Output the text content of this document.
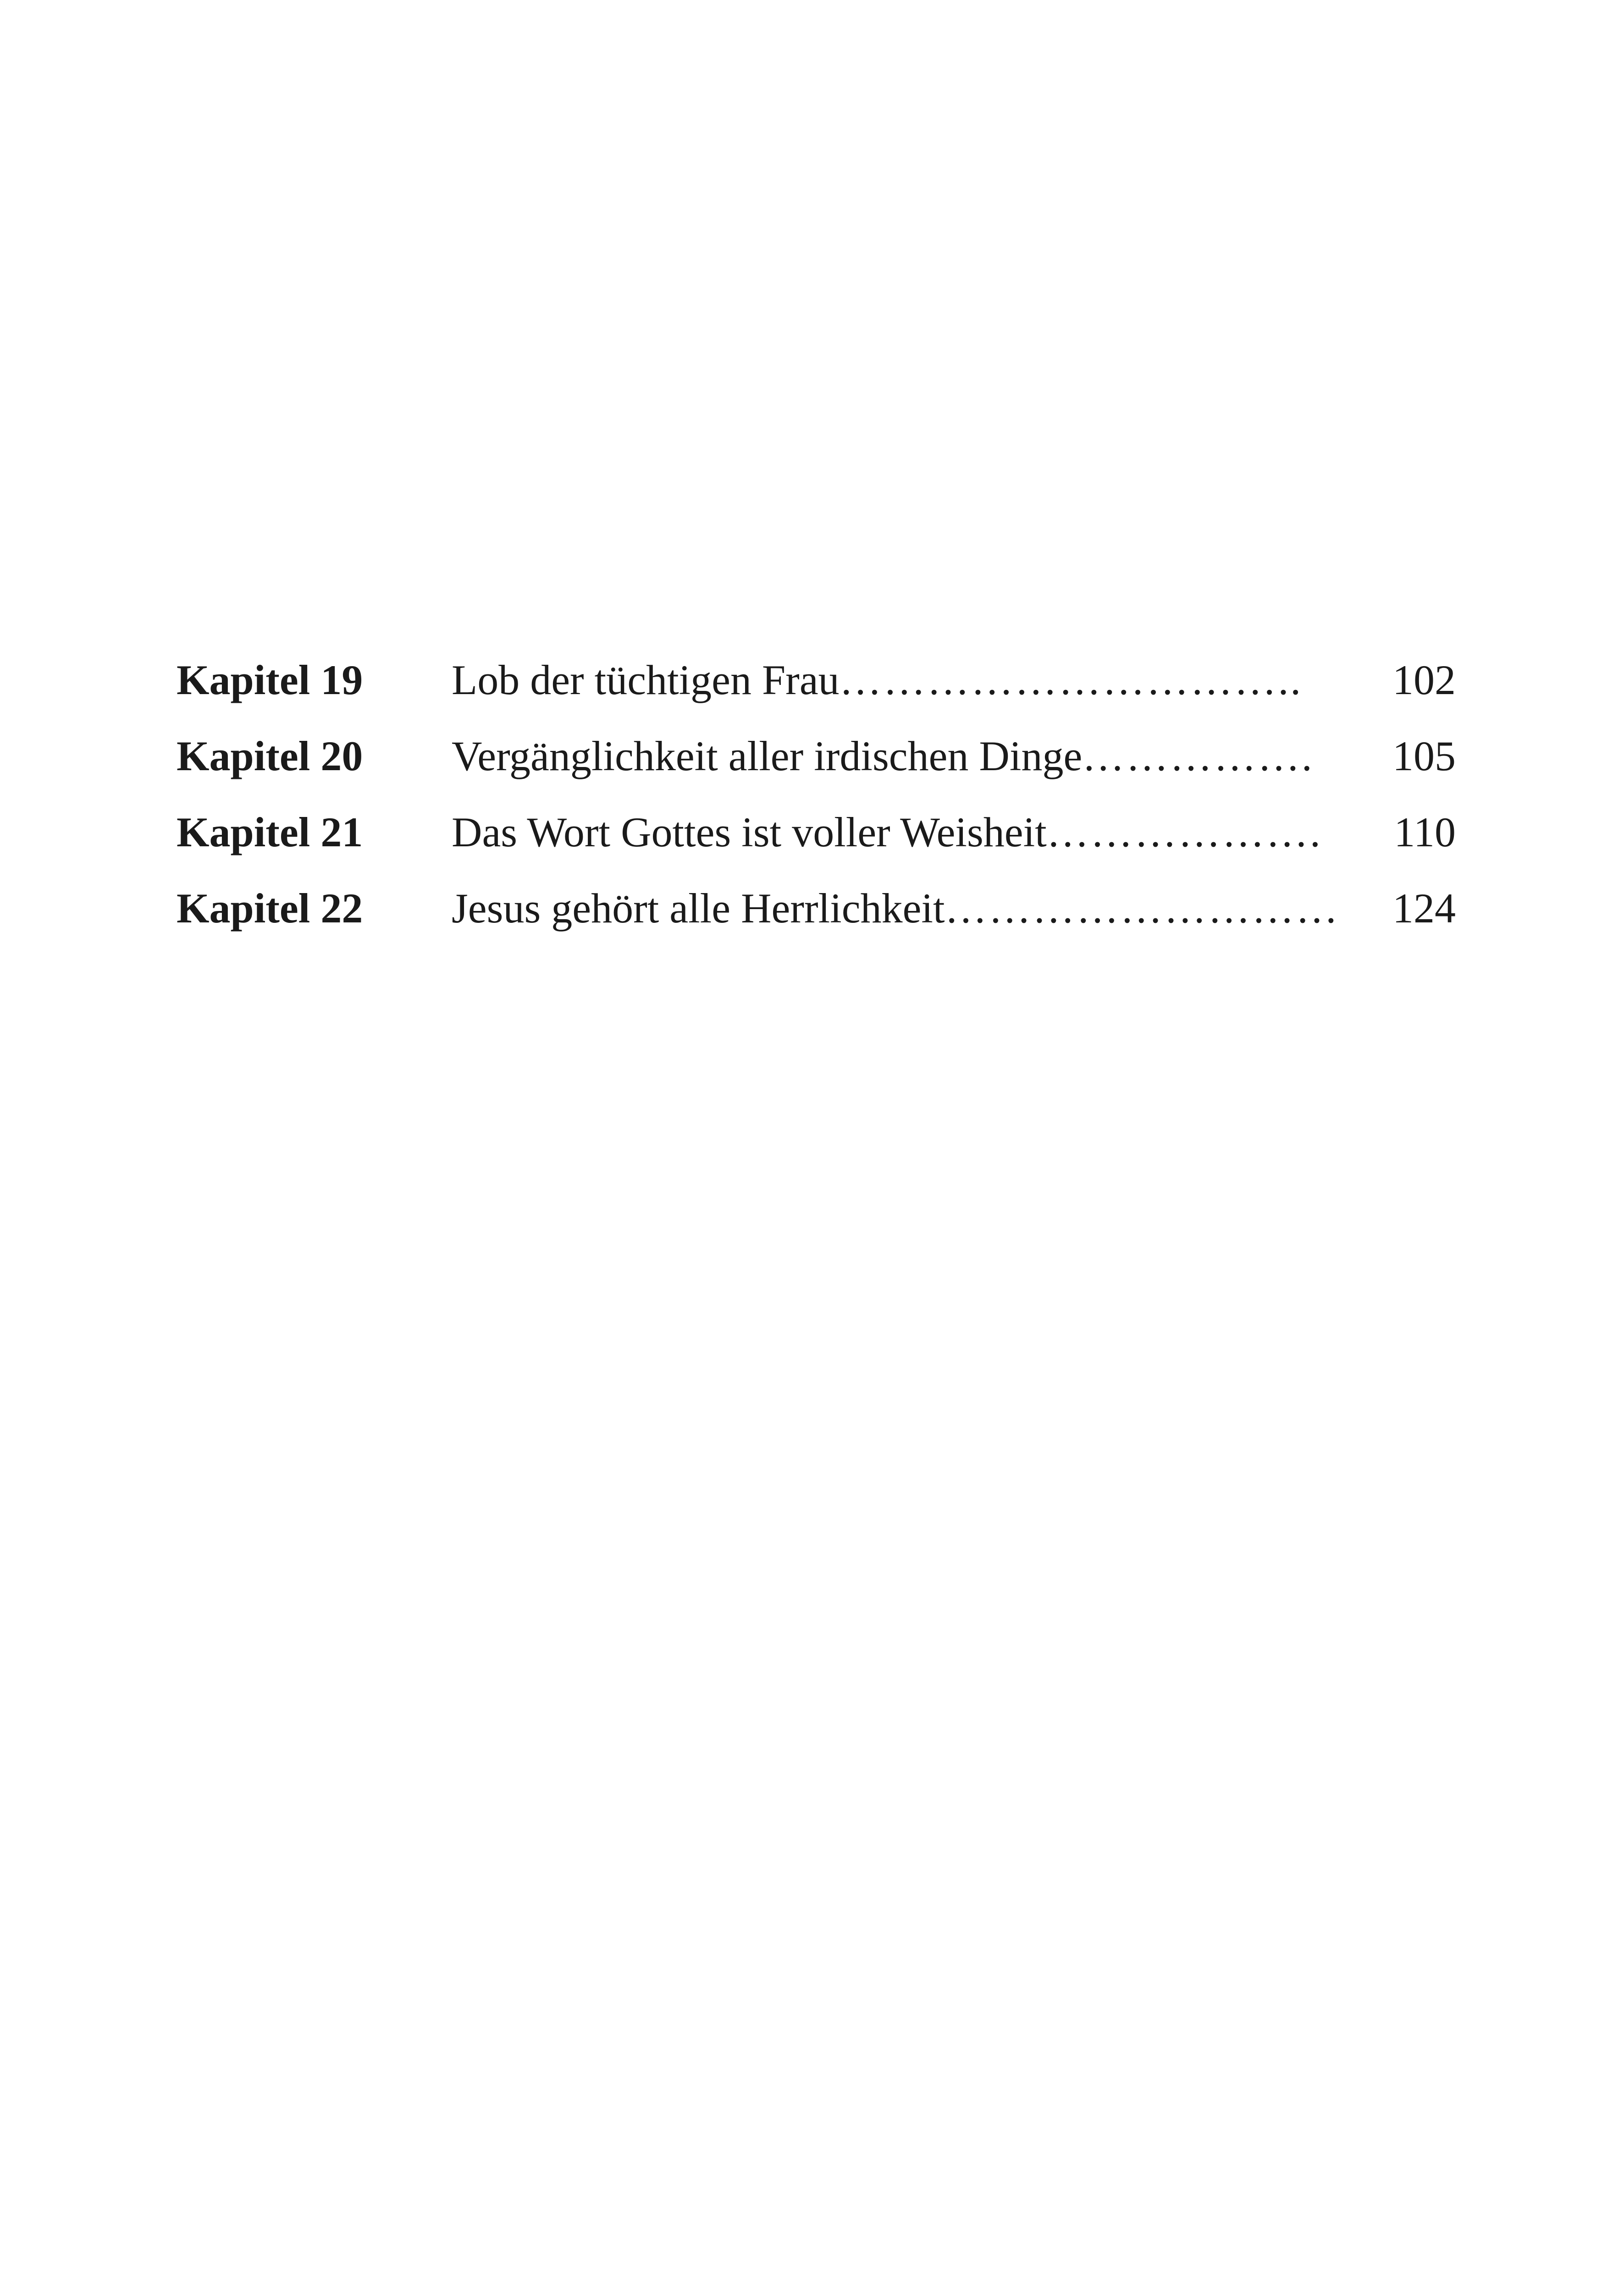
Kapitel 19	Lob der tüchtigen Frau …………………………..	102
Kapitel 20	Vergänglichkeit aller irdischen Dinge …………….	105
Kapitel 21	Das Wort Gottes ist voller Weisheit ……………….	110
Kapitel 22	Jesus gehört alle Herrlichkeit ………………………	124
